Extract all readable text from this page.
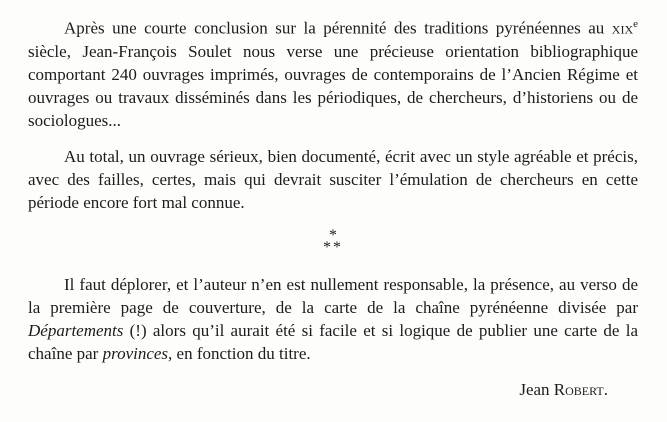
Après une courte conclusion sur la pérennité des traditions pyrénéennes au xix$^e$ siècle, Jean-François Soulet nous verse une précieuse orientation bibliographique comportant 240 ouvrages imprimés, ouvrages de contemporains de l’Ancien Régime et ouvrages ou travaux disséminés dans les périodiques, de chercheurs, d’historiens ou de sociologues...

Au total, un ouvrage sérieux, bien documenté, écrit avec un style agréable et précis, avec des failles, certes, mais qui devrait susciter l’émulation de chercheurs en cette période encore fort mal connue.

*
**

Il faut déplorer, et l’auteur n’en est nullement responsable, la présence, au verso de la première page de couverture, de la carte de la chaîne pyrénéenne divisée par Départements (!) alors qu’il aurait été si facile et si logique de publier une carte de la chaîne par provinces, en fonction du titre.

Jean Robert.
